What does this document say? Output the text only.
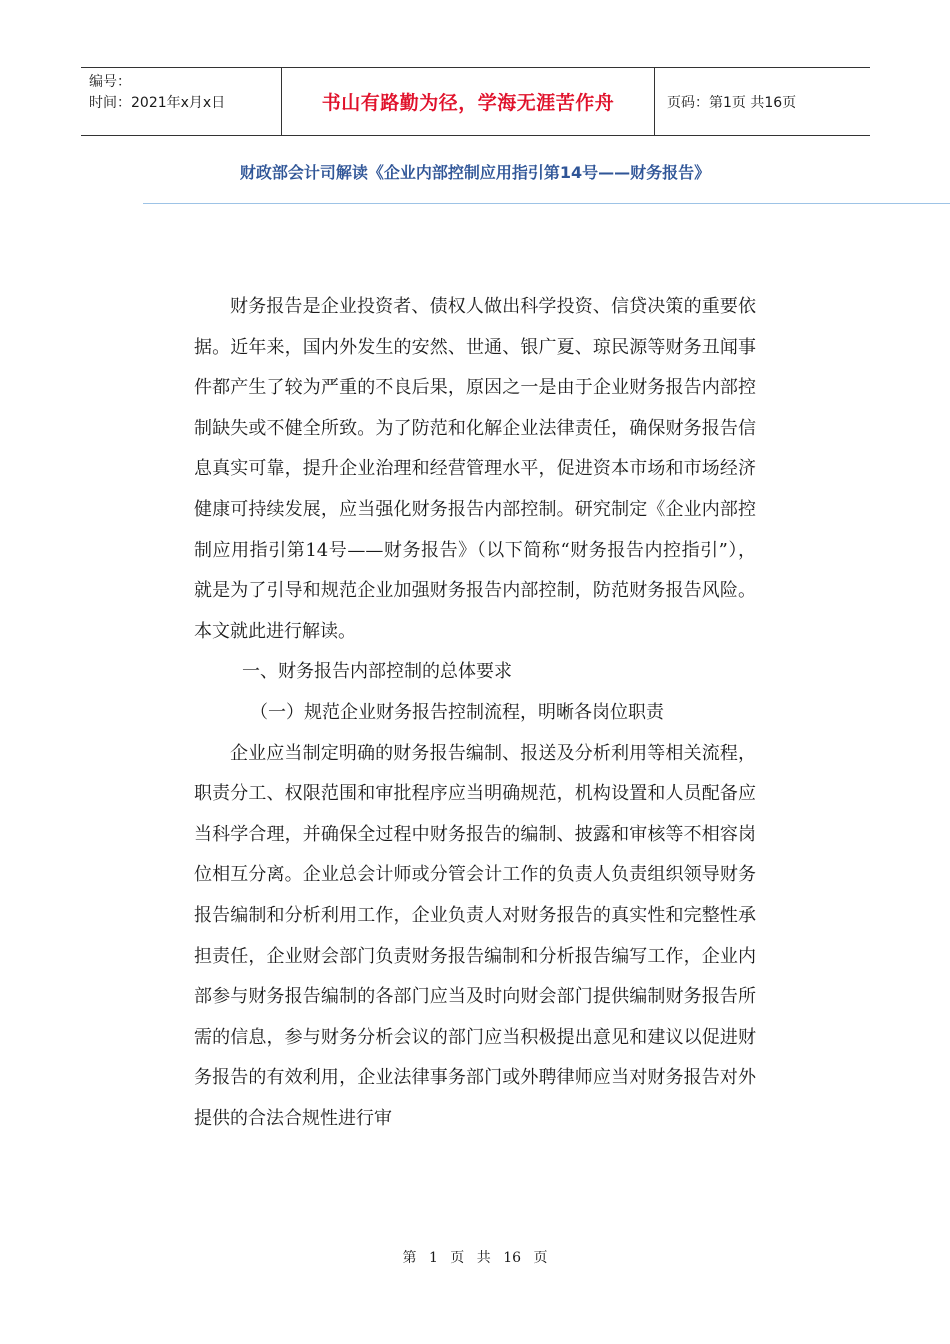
编号：
时间：2021年x月x日	书山有路勤为径，学海无涯苦作舟	页码：第1页 共16页
财政部会计司解读《企业内部控制应用指引第14号——财务报告》

财务报告是企业投资者、债权人做出科学投资、信贷决策的重要依据。近年来，国内外发生的安然、世通、银广夏、琼民源等财务丑闻事件都产生了较为严重的不良后果，原因之一是由于企业财务报告内部控制缺失或不健全所致。为了防范和化解企业法律责任，确保财务报告信息真实可靠，提升企业治理和经营管理水平，促进资本市场和市场经济健康可持续发展，应当强化财务报告内部控制。研究制定《企业内部控制应用指引第14号——财务报告》（以下简称“财务报告内控指引”），就是为了引导和规范企业加强财务报告内部控制，防范财务报告风险。本文就此进行解读。

一、财务报告内部控制的总体要求

（一）规范企业财务报告控制流程，明晰各岗位职责

企业应当制定明确的财务报告编制、报送及分析利用等相关流程，职责分工、权限范围和审批程序应当明确规范，机构设置和人员配备应当科学合理，并确保全过程中财务报告的编制、披露和审核等不相容岗位相互分离。企业总会计师或分管会计工作的负责人负责组织领导财务报告编制和分析利用工作，企业负责人对财务报告的真实性和完整性承担责任，企业财会部门负责财务报告编制和分析报告编写工作，企业内部参与财务报告编制的各部门应当及时向财会部门提供编制财务报告所需的信息，参与财务分析会议的部门应当积极提出意见和建议以促进财务报告的有效利用，企业法律事务部门或外聘律师应当对财务报告对外提供的合法合规性进行审

第 1 页 共 16 页
